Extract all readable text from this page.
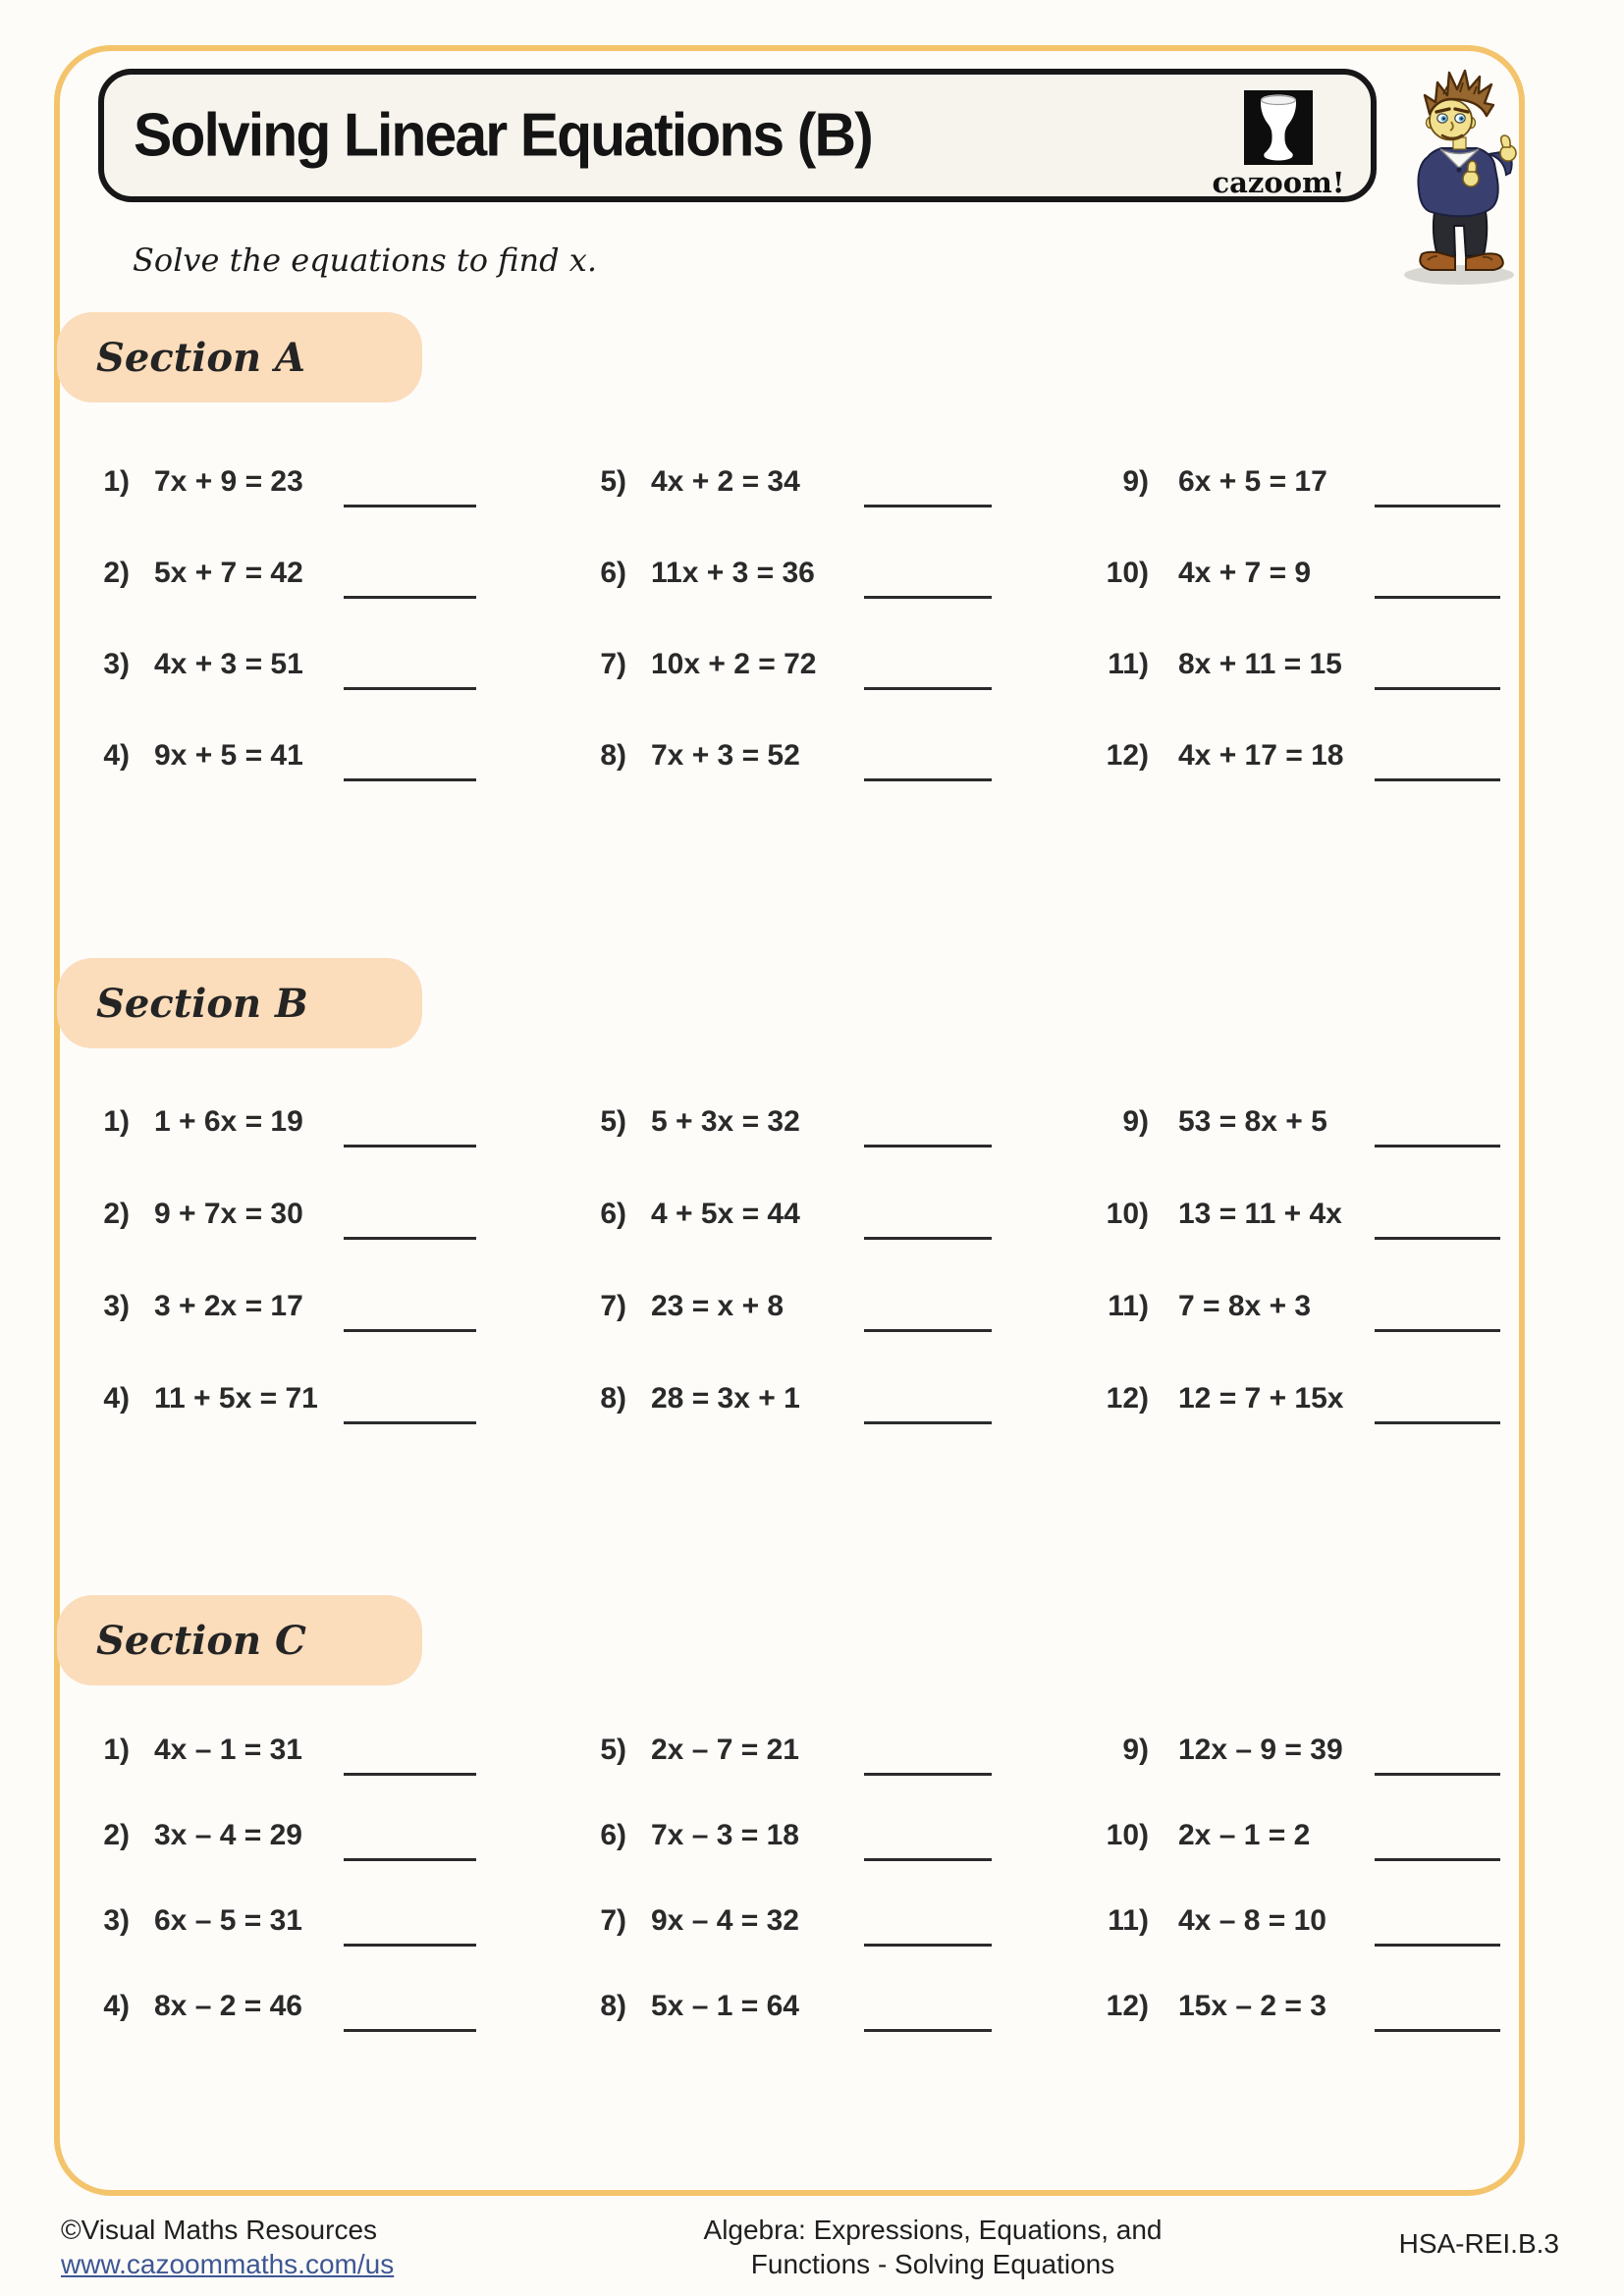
Solving Linear Equations (B)
cazoom!
Solve the equations to find x.
Section A
Section B
Section C
1) 7x + 9 = 23
2) 5x + 7 = 42
3) 4x + 3 = 51
4) 9x + 5 = 41
5) 4x + 2 = 34
6) 11x + 3 = 36
7) 10x + 2 = 72
8) 7x + 3 = 52
9) 6x + 5 = 17
10) 4x + 7 = 9
11) 8x + 11 = 15
12) 4x + 17 = 18
1) 1 + 6x = 19
2) 9 + 7x = 30
3) 3 + 2x = 17
4) 11 + 5x = 71
5) 5 + 3x = 32
6) 4 + 5x = 44
7) 23 = x + 8
8) 28 = 3x + 1
9) 53 = 8x + 5
10) 13 = 11 + 4x
11) 7 = 8x + 3
12) 12 = 7 + 15x
1) 4x – 1 = 31
2) 3x – 4 = 29
3) 6x – 5 = 31
4) 8x – 2 = 46
5) 2x – 7 = 21
6) 7x – 3 = 18
7) 9x – 4 = 32
8) 5x – 1 = 64
9) 12x – 9 = 39
10) 2x – 1 = 2
11) 4x – 8 = 10
12) 15x – 2 = 3
©Visual Maths Resources
www.cazoommaths.com/us
Algebra: Expressions, Equations, and
Functions - Solving Equations
HSA-REI.B.3
